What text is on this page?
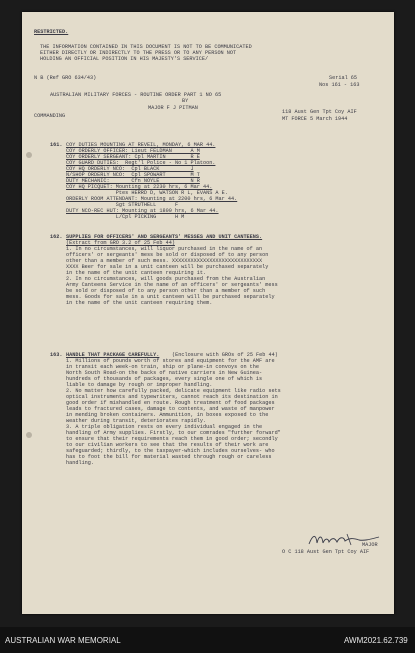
RESTRICTED.
THE INFORMATION CONTAINED IN THIS DOCUMENT IS NOT TO BE COMMUNICATED
EITHER DIRECTLY OR INDIRECTLY TO THE PRESS OR TO ANY PERSON NOT
HOLDING AN OFFICIAL POSITION IN HIS MAJESTY'S SERVICE/
N B (Ref GRO 634/43)	Serial 65
Nos 161 - 163
AUSTRALIAN MILITARY FORCES - ROUTINE ORDER PART 1 NO 65
BY
MAJOR F J PITMAN
COMMANDING
118 Aust Gen Tpt Coy AIF
MT FORCE 5 March 1944
161. COY DUTIES MOUNTING AT REVEIL, MONDAY, 6 MAR 44.
COY ORDERLY OFFICER: Lieut FELDMAN      A M
COY ORDERLY SERGEANT: Cpl MARTIN        R E
COY GUARD DUTIES:  Regt'l Police - No 1 Platoon.
COY HQ ORDERLY NCO:  Cpl BLACK          J
N/SHOP ORDERLY NCO:  Cpl SPOWART        M T
DUTY MECHANIC:       Cfn NOYLE          N R
COY HQ PICQUET: Mounting at 2230 hrs, 6 Mar 44.
Ptes HERRD D, WATSON R L, EVANS A E.
ORDERLY ROOM ATTENDANT: Mounting at 2200 hrs, 6 Mar 44.
Sgt STRUTHELL      F
DUTY NCO-REC HUT: Mounting at 1800 hrs, 6 Mar 44.
L/Cpl PICKING      H M
162. SUPPLIES FOR OFFICERS' AND SERGEANTS' MESSES AND UNIT CANTEENS.
(Extract from GRO 3.2 of 25 Feb 44)
1. In no circumstances, will liquor purchased in the name of an
officers' or sergeants' mess be sold or disposed of to any person
other than a member of such mess. XXXXXXXXXXXXXXXXXXXXXXXXXXXXX
XXXX Beer for sale in a unit canteen will be purchased separately
in the name of the unit canteen requiring it.
2. In no circumstances, will goods purchased from the Australian
Army Canteens Service in the name of an officers' or sergeants' mess
be sold or disposed of to any person other than a member of such
mess. Goods for sale in a unit canteen will be purchased separately
in the name of the unit canteen requiring them.
163. HANDLE THAT PACKAGE CAREFULLY. (Enclosure with GROs of 25 Feb 44)
1. Millions of pounds worth of stores and equipment for the AMF are
in transit each week-on train, ship or plane-in convoys on the
North South Road-on the backs of native carriers in New Guinea-
hundreds of thousands of packages, every single one of which is
liable to damage by rough or improper handling.
2. No matter how carefully packed, delicate equipment like radio sets
optical instruments and typewriters, cannot reach its destination in
good order if mishandled en route. Rough treatment of food packages
leads to fractured cases, damage to contents, and waste of manpower
in mending broken containers. Ammunition, in boxes exposed to the
weather during transit, deteriorates rapidly.
3. A triple obligation rests on every individual engaged in the
handling of Army supplies. Firstly, to our comrades "further forward"
to ensure that their requirements reach them in good order; secondly
to our civilian workers to see that the results of their work are
safeguarded; thirdly, to the taxpayer-which includes ourselves- who
has to foot the bill for material wasted through rough or careless
handling.
MAJOR
O C 118 Aust Gen Tpt Coy AIF
AUSTRALIAN WAR MEMORIAL	AWM2021.62.739
